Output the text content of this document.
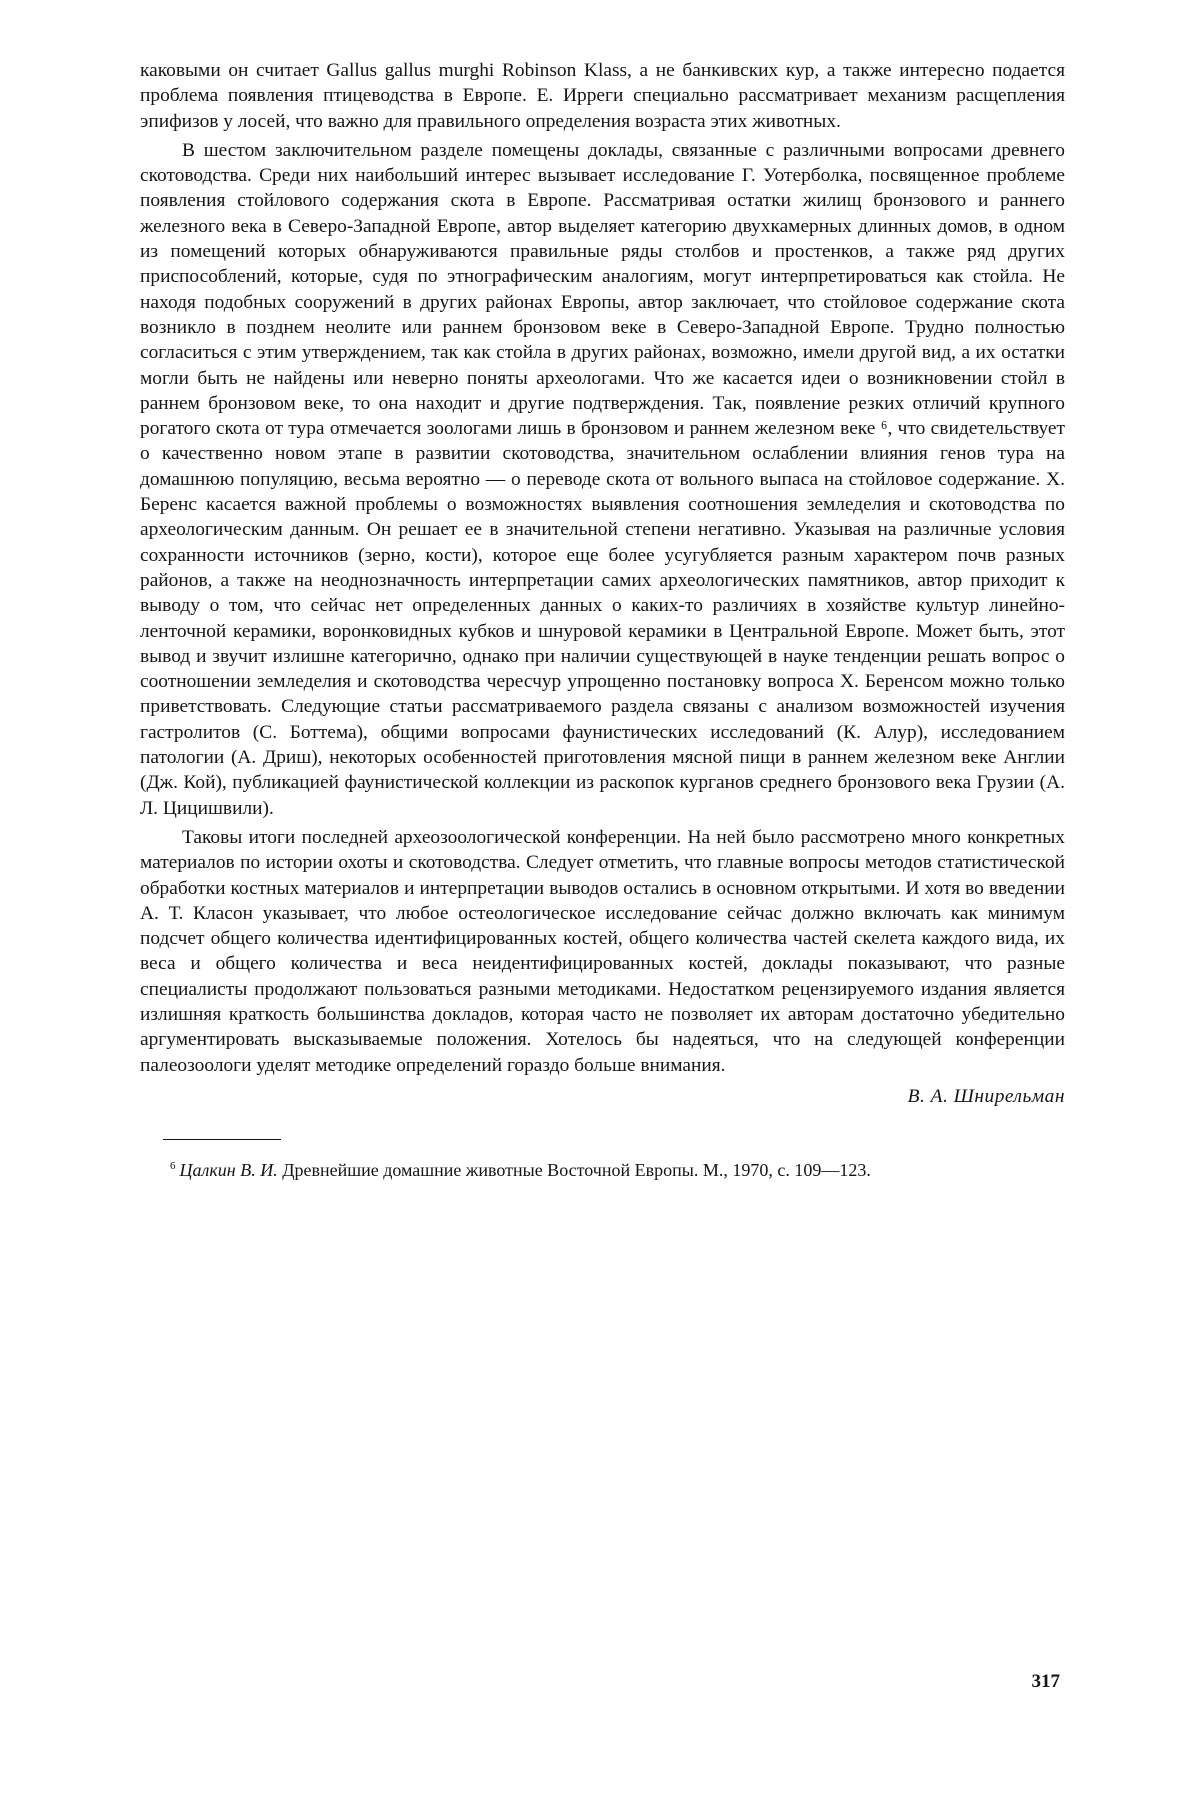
каковыми он считает Gallus gallus murghi Robinson Klass, а не банкивских кур, а также интересно подается проблема появления птицеводства в Европе. Е. Ирреги специально рассматривает механизм расщепления эпифизов у лосей, что важно для правильного определения возраста этих животных.

В шестом заключительном разделе помещены доклады, связанные с различными вопросами древнего скотоводства. Среди них наибольший интерес вызывает исследование Г. Уотерболка, посвященное проблеме появления стойлового содержания скота в Европе. Рассматривая остатки жилищ бронзового и раннего железного века в Северо-Западной Европе, автор выделяет категорию двухкамерных длинных домов, в одном из помещений которых обнаруживаются правильные ряды столбов и простенков, а также ряд других приспособлений, которые, судя по этнографическим аналогиям, могут интерпретироваться как стойла. Не находя подобных сооружений в других районах Европы, автор заключает, что стойловое содержание скота возникло в позднем неолите или раннем бронзовом веке в Северо-Западной Европе. Трудно полностью согласиться с этим утверждением, так как стойла в других районах, возможно, имели другой вид, а их остатки могли быть не найдены или неверно поняты археологами. Что же касается идеи о возникновении стойл в раннем бронзовом веке, то она находит и другие подтверждения. Так, появление резких отличий крупного рогатого скота от тура отмечается зоологами лишь в бронзовом и раннем железном веке ⁶, что свидетельствует о качественно новом этапе в развитии скотоводства, значительном ослаблении влияния генов тура на домашнюю популяцию, весьма вероятно — о переводе скота от вольного выпаса на стойловое содержание. Х. Беренс касается важной проблемы о возможностях выявления соотношения земледелия и скотоводства по археологическим данным. Он решает ее в значительной степени негативно. Указывая на различные условия сохранности источников (зерно, кости), которое еще более усугубляется разным характером почв разных районов, а также на неоднозначность интерпретации самих археологических памятников, автор приходит к выводу о том, что сейчас нет определенных данных о каких-то различиях в хозяйстве культур линейно-ленточной керамики, воронковидных кубков и шнуровой керамики в Центральной Европе. Может быть, этот вывод и звучит излишне категорично, однако при наличии существующей в науке тенденции решать вопрос о соотношении земледелия и скотоводства чересчур упрощенно постановку вопроса Х. Беренсом можно только приветствовать. Следующие статьи рассматриваемого раздела связаны с анализом возможностей изучения гастролитов (С. Боттема), общими вопросами фаунистических исследований (К. Алур), исследованием патологии (А. Дриш), некоторых особенностей приготовления мясной пищи в раннем железном веке Англии (Дж. Кой), публикацией фаунистической коллекции из раскопок курганов среднего бронзового века Грузии (А. Л. Цицишвили).

Таковы итоги последней археозоологической конференции. На ней было рассмотрено много конкретных материалов по истории охоты и скотоводства. Следует отметить, что главные вопросы методов статистической обработки костных материалов и интерпретации выводов остались в основном открытыми. И хотя во введении А. Т. Класон указывает, что любое остеологическое исследование сейчас должно включать как минимум подсчет общего количества идентифицированных костей, общего количества частей скелета каждого вида, их веса и общего количества и веса неидентифицированных костей, доклады показывают, что разные специалисты продолжают пользоваться разными методиками. Недостатком рецензируемого издания является излишняя краткость большинства докладов, которая часто не позволяет их авторам достаточно убедительно аргументировать высказываемые положения. Хотелось бы надеяться, что на следующей конференции палеозоологи уделят методике определений гораздо больше внимания.

В. А. Шнирельман
$^6$ Цалкин В. И. Древнейшие домашние животные Восточной Европы. М., 1970, с. 109—123.
317
